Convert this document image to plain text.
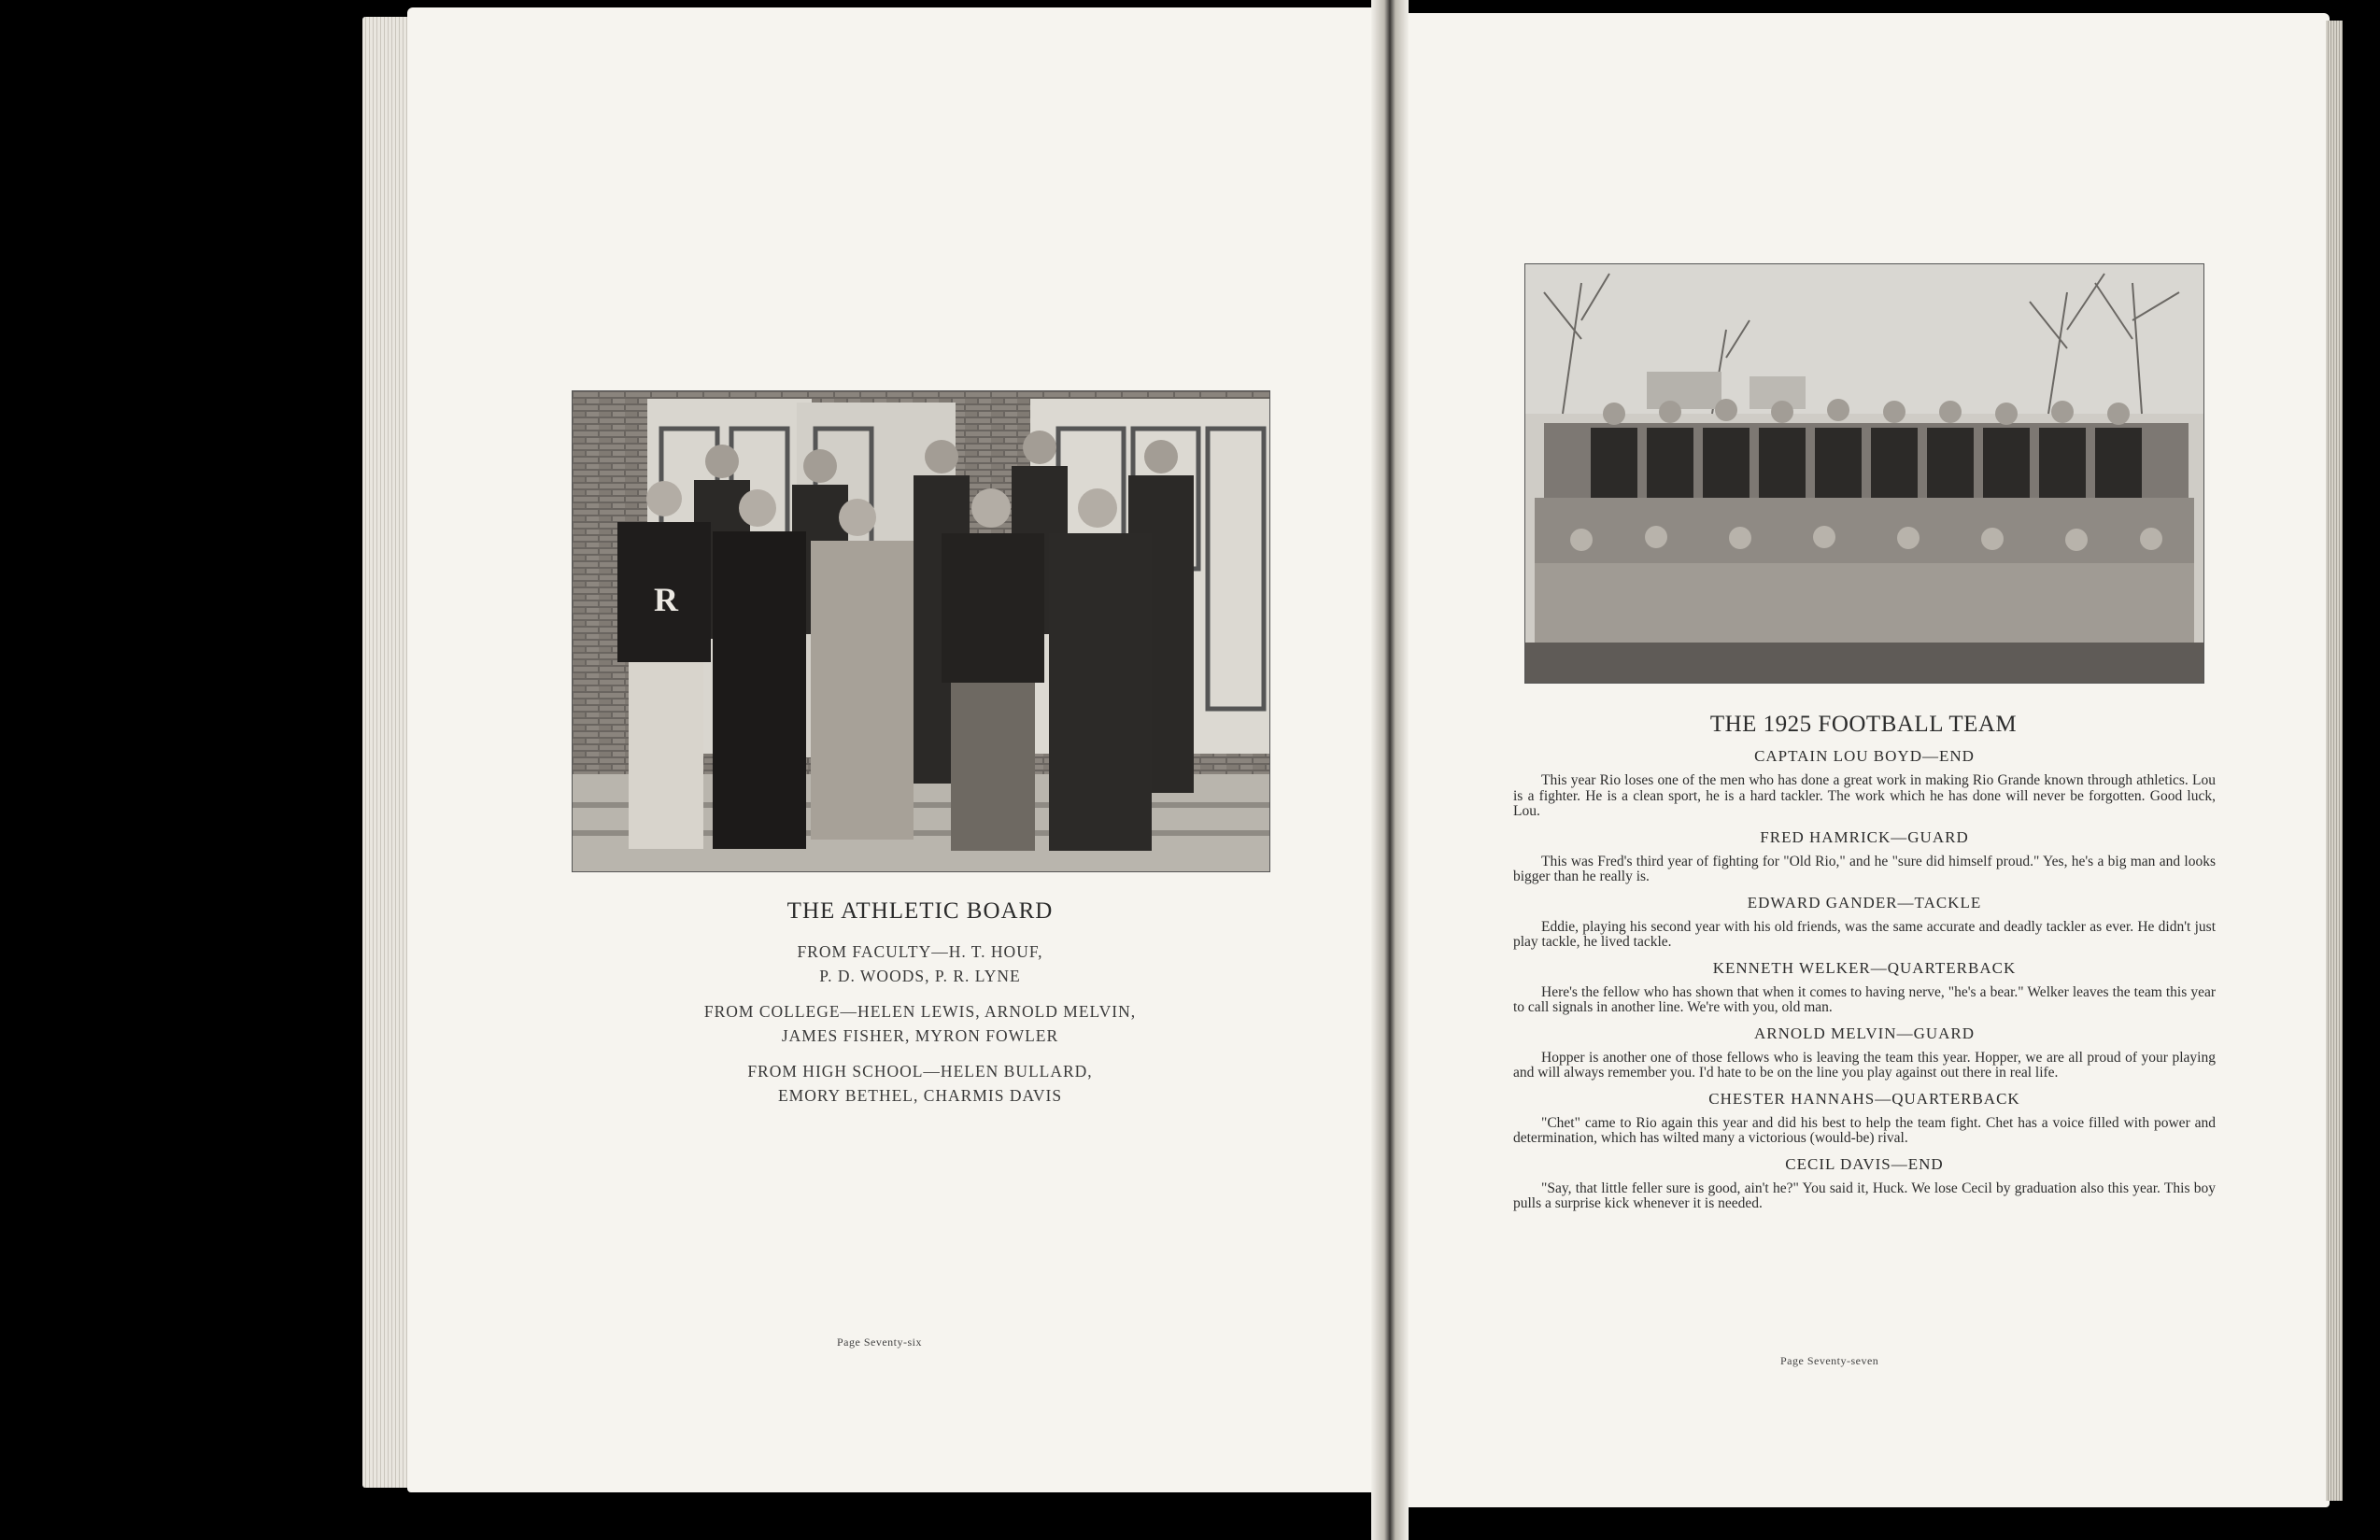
R
THE ATHLETIC BOARD
FROM FACULTY—H. T. HOUF,
P. D. WOODS, P. R. LYNE
FROM COLLEGE—HELEN LEWIS, ARNOLD MELVIN,
JAMES FISHER, MYRON FOWLER
FROM HIGH SCHOOL—HELEN BULLARD,
EMORY BETHEL, CHARMIS DAVIS
Page Seventy-six
THE 1925 FOOTBALL TEAM
CAPTAIN LOU BOYD—END

This year Rio loses one of the men who has done a great work in making Rio Grande known through athletics. Lou is a fighter. He is a clean sport, he is a hard tackler. The work which he has done will never be forgotten. Good luck, Lou.

FRED HAMRICK—GUARD

This was Fred's third year of fighting for "Old Rio," and he "sure did himself proud." Yes, he's a big man and looks bigger than he really is.

EDWARD GANDER—TACKLE

Eddie, playing his second year with his old friends, was the same accurate and deadly tackler as ever. He didn't just play tackle, he lived tackle.

KENNETH WELKER—QUARTERBACK

Here's the fellow who has shown that when it comes to having nerve, "he's a bear." Welker leaves the team this year to call signals in another line. We're with you, old man.

ARNOLD MELVIN—GUARD

Hopper is another one of those fellows who is leaving the team this year. Hopper, we are all proud of your playing and will always remember you. I'd hate to be on the line you play against out there in real life.

CHESTER HANNAHS—QUARTERBACK

"Chet" came to Rio again this year and did his best to help the team fight. Chet has a voice filled with power and determination, which has wilted many a victorious (would-be) rival.

CECIL DAVIS—END

"Say, that little feller sure is good, ain't he?" You said it, Huck. We lose Cecil by graduation also this year. This boy pulls a surprise kick whenever it is needed.

Page Seventy-seven
